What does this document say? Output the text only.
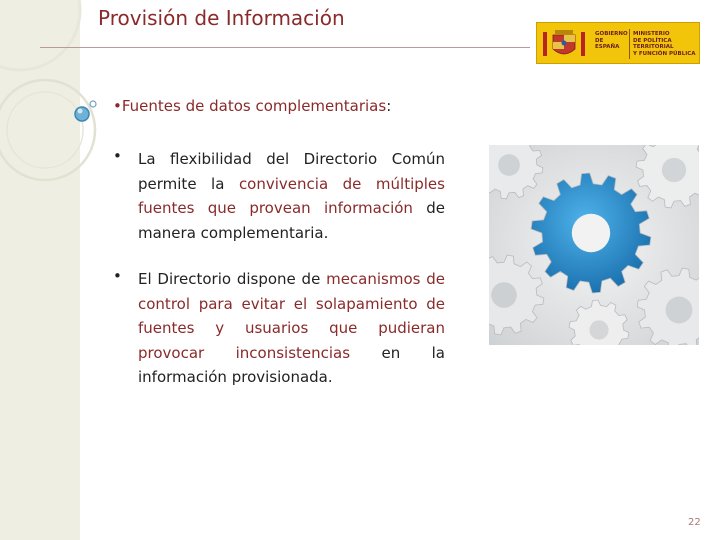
Provisión de Información
GOBIERNO
DE ESPAÑA
MINISTERIO
DE POLÍTICA TERRITORIAL
Y FUNCIÓN PÚBLICA
•Fuentes de datos complementarias:
• La flexibilidad del Directorio Común permite la convivencia de múltiples fuentes que provean información de manera complementaria.

• El Directorio dispone de mecanismos de control para evitar el solapamiento de fuentes y usuarios que pudieran provocar inconsistencias en la información provisionada.

22
